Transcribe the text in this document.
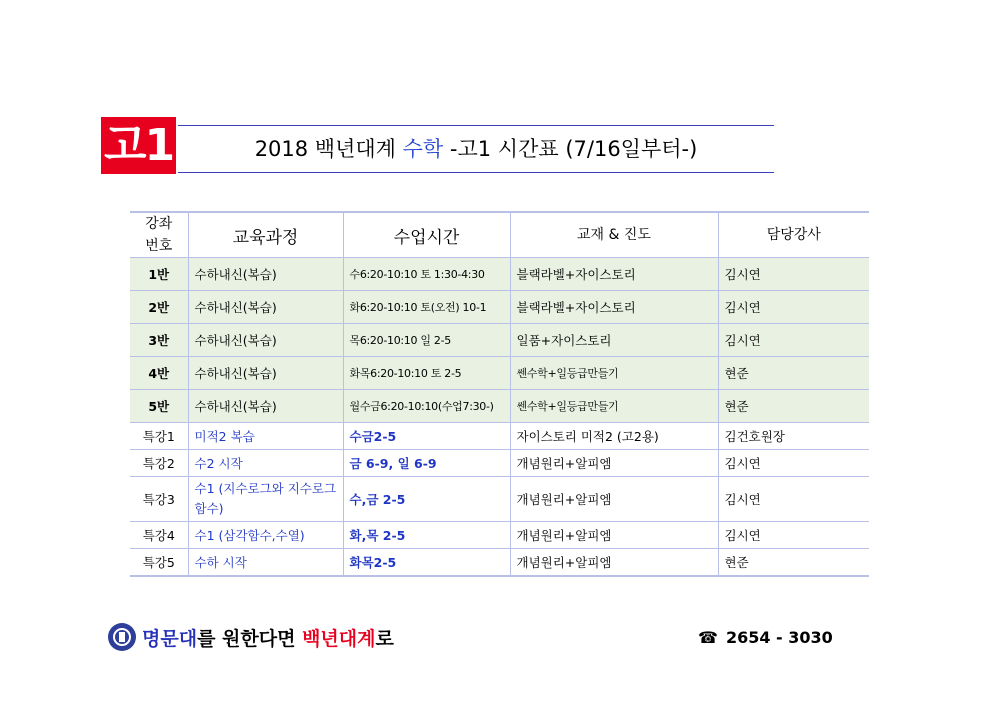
고1	2018 백년대계 수학 -고1 시간표 (7/16일부터-)
강좌
번호	교육과정	수업시간	교재 & 진도	담당강사
1반	수하내신(복습)	수6:20-10:10 토 1:30-4:30	블랙라벨+자이스토리	김시연
2반	수하내신(복습)	화6:20-10:10 토(오전) 10-1	블랙라벨+자이스토리	김시연
3반	수하내신(복습)	목6:20-10:10 일 2-5	일품+자이스토리	김시연
4반	수하내신(복습)	화목6:20-10:10 토 2-5	쎈수학+일등급만들기	현준
5반	수하내신(복습)	월수금6:20-10:10(수업7:30-)	쎈수학+일등급만들기	현준
특강1	미적2 복습	수금2-5	자이스토리 미적2 (고2용)	김건호원장
특강2	수2 시작	금 6-9, 일 6-9	개념원리+알피엠	김시연
특강3	수1 (지수로그와 지수로그함수)	수,금 2-5	개념원리+알피엠	김시연
특강4	수1 (삼각함수,수열)	화,목 2-5	개념원리+알피엠	김시연
특강5	수하 시작	화목2-5	개념원리+알피엠	현준
명문대를 원한다면 백년대계로	☎ 2654 - 3030
